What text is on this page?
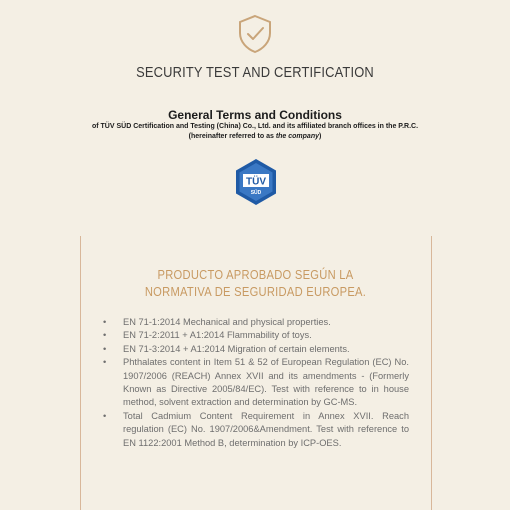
SECURITY TEST AND CERTIFICATION
General Terms and Conditions
of TÜV SÜD Certification and Testing (China) Co., Ltd. and its affiliated branch offices in the P.R.C.
(hereinafter referred to as the company)
TÜV
SÜD
PRODUCTO APROBADO SEGÚN LA
NORMATIVA DE SEGURIDAD EUROPEA.
• EN 71-1:2014 Mechanical and physical properties.
• EN 71-2:2011 + A1:2014 Flammability of toys.
• EN 71-3:2014 + A1:2014 Migration of certain elements.
• Phthalates content in Item 51 & 52 of European Regulation (EC) No. 1907/2006 (REACH) Annex XVII and its amendments - (Formerly Known as Directive 2005/84/EC). Test with reference to in house method, solvent extraction and determination by GC-MS.
• Total Cadmium Content Requirement in Annex XVII. Reach regulation (EC) No. 1907/2006&Amendment. Test with reference to EN 1122:2001 Method B, determination by ICP-OES.
